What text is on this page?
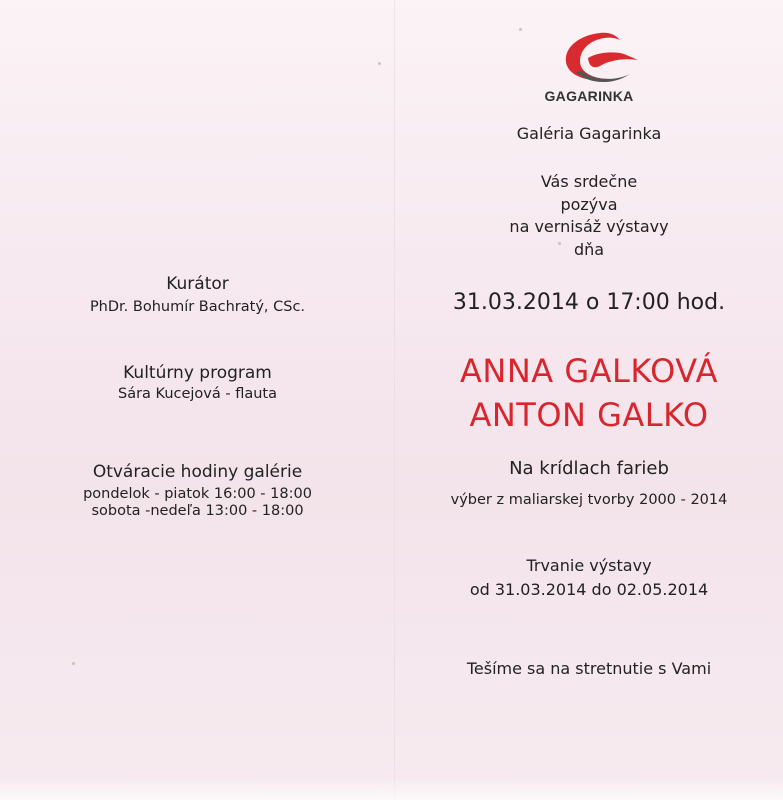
Kurátor
PhDr. Bohumír Bachratý, CSc.
Kultúrny program
Sára Kucejová - flauta
Otváracie hodiny galérie
pondelok - piatok 16:00 - 18:00
sobota -nedeľa 13:00 - 18:00
GAGARINKA
Galéria Gagarinka
Vás srdečne
pozýva
na vernisáž výstavy
dňa
31.03.2014 o 17:00 hod.
ANNA GALKOVÁ
ANTON GALKO
Na krídlach farieb
výber z maliarskej tvorby 2000 - 2014
Trvanie výstavy
od 31.03.2014 do 02.05.2014
Tešíme sa na stretnutie s Vami
